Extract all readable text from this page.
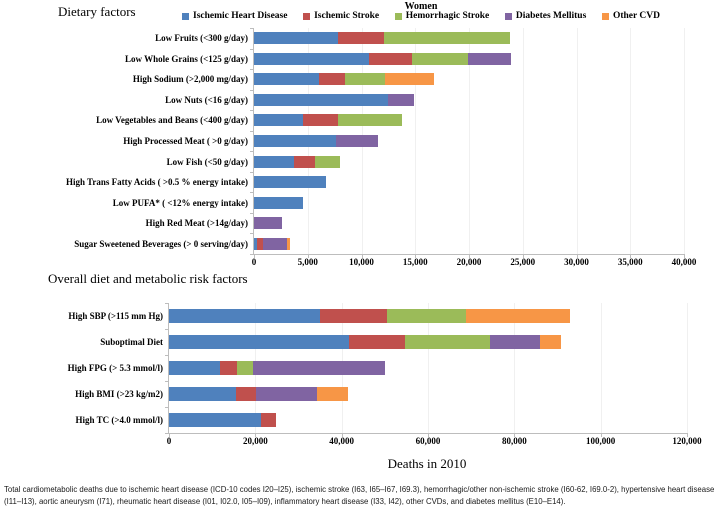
Dietary factors	Women
Ischemic Heart Disease	Ischemic Stroke	Hemorrhagic Stroke	Diabetes Mellitus	Other CVD
0	5,000	10,000	15,000	20,000	25,000	30,000	35,000	40,000
Low Fruits (<300 g/day)
Low Whole Grains (<125 g/day)
High Sodium (>2,000 mg/day)
Low Nuts (<16 g/day)
Low Vegetables and Beans (<400 g/day)
High Processed Meat ( >0 g/day)
Low Fish (<50 g/day)
High Trans Fatty Acids ( >0.5 % energy intake)
Low PUFA* ( <12% energy intake)
High Red Meat (>14g/day)
Sugar Sweetened Beverages (> 0 serving/day)
Overall diet and metabolic risk factors
0	20,000	40,000	60,000	80,000	100,000	120,000
High SBP (>115 mm Hg)
Suboptimal Diet
High FPG (> 5.3 mmol/l)
High BMI (>23 kg/m2)
High TC (>4.0 mmol/l)
Deaths in 2010
Total cardiometabolic deaths due to ischemic heart disease (ICD-10 codes I20–I25), ischemic stroke (I63, I65–I67, I69.3), hemorrhagic/other non-ischemic stroke (I60-62, I69.0-2), hypertensive heart disease (I11–I13), aortic aneurysm (I71), rheumatic heart disease (I01, I02.0, I05–I09), inflammatory heart disease (I33, I42), other CVDs, and diabetes mellitus (E10–E14).
